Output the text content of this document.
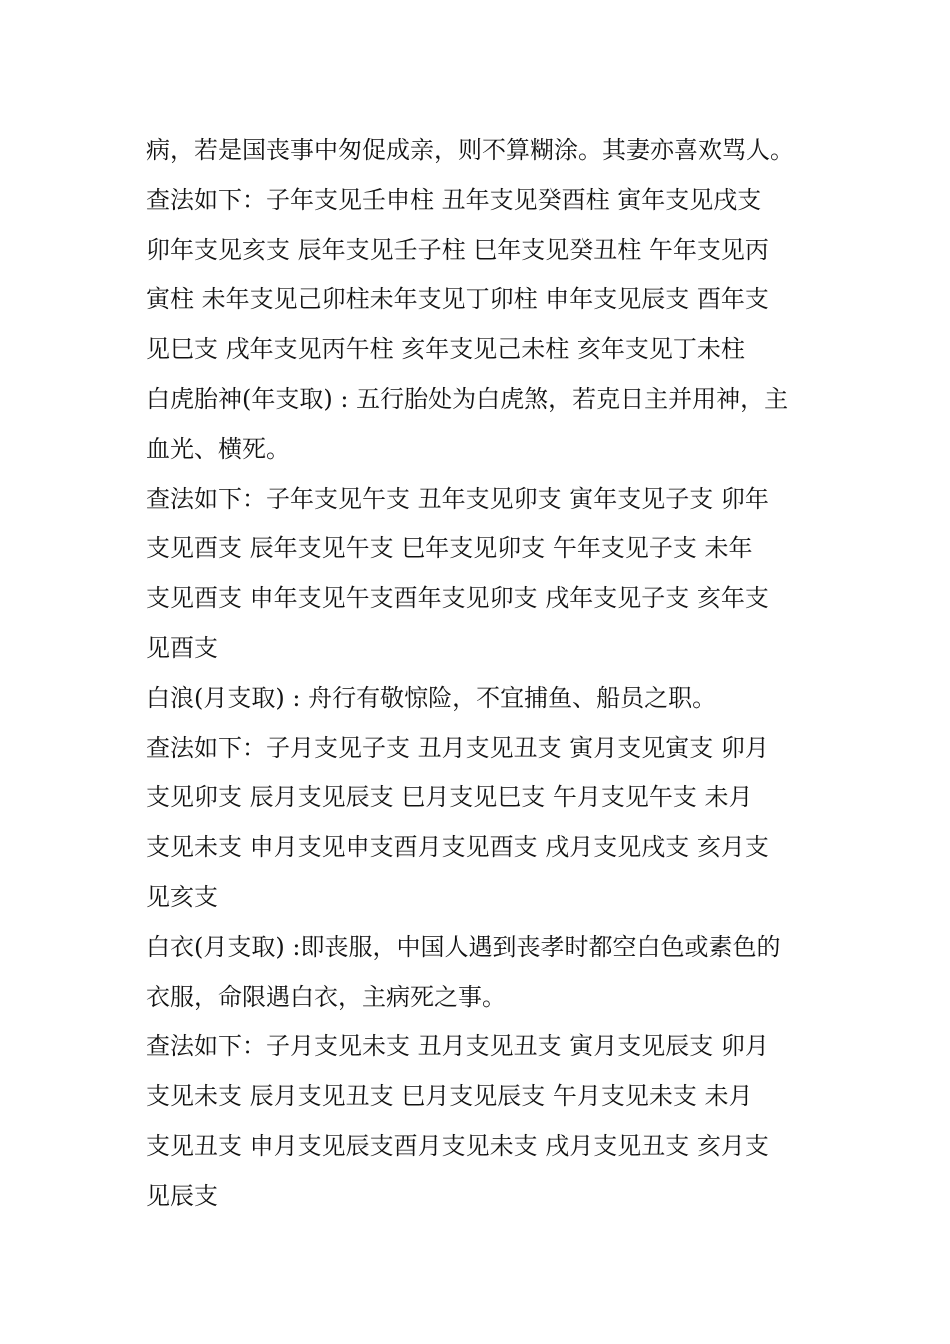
病，若是国丧事中匆促成亲，则不算糊涂。其妻亦喜欢骂人。
查法如下：子年支见壬申柱 丑年支见癸酉柱 寅年支见戌支
卯年支见亥支 辰年支见壬子柱 巳年支见癸丑柱 午年支见丙
寅柱 未年支见己卯柱未年支见丁卯柱 申年支见辰支 酉年支
见巳支 戌年支见丙午柱 亥年支见己未柱 亥年支见丁未柱
白虎胎神(年支取) : 五行胎处为白虎煞，若克日主并用神，主
血光、横死。
查法如下：子年支见午支 丑年支见卯支 寅年支见子支 卯年
支见酉支 辰年支见午支 巳年支见卯支 午年支见子支 未年
支见酉支 申年支见午支酉年支见卯支 戌年支见子支 亥年支
见酉支
白浪(月支取) : 舟行有敬惊险，不宜捕鱼、船员之职。
查法如下：子月支见子支 丑月支见丑支 寅月支见寅支 卯月
支见卯支 辰月支见辰支 巳月支见巳支 午月支见午支 未月
支见未支 申月支见申支酉月支见酉支 戌月支见戌支 亥月支
见亥支
白衣(月支取) :即丧服，中国人遇到丧孝时都空白色或素色的
衣服，命限遇白衣，主病死之事。
查法如下：子月支见未支 丑月支见丑支 寅月支见辰支 卯月
支见未支 辰月支见丑支 巳月支见辰支 午月支见未支 未月
支见丑支 申月支见辰支酉月支见未支 戌月支见丑支 亥月支
见辰支
